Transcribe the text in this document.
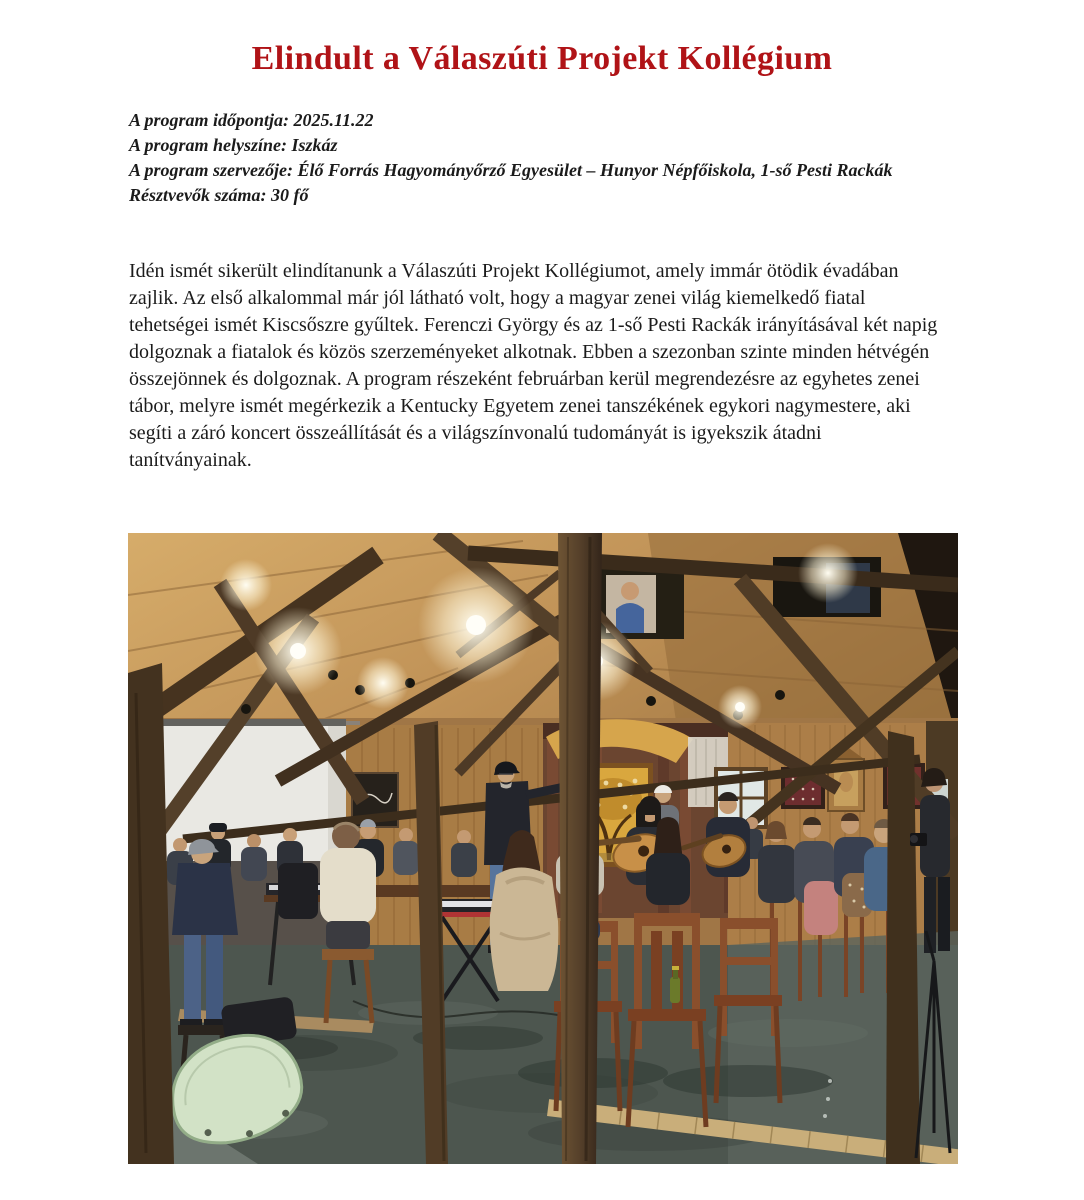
Elindult a Válaszúti Projekt Kollégium

A program időpontja: 2025.11.22

A program helyszíne: Iszkáz

A program szervezője: Élő Forrás Hagyományőrző Egyesület – Hunyor Népfőiskola, 1-ső Pesti Rackák

Résztvevők száma: 30 fő

Idén ismét sikerült elindítanunk a Válaszúti Projekt Kollégiumot, amely immár ötödik évadában zajlik. Az első alkalommal már jól látható volt, hogy a magyar zenei világ kiemelkedő fiatal tehetségei ismét Kiscsőszre gyűltek. Ferenczi György és az 1-ső Pesti Rackák irányításával két napig dolgoznak a fiatalok és közös szerzeményeket alkotnak. Ebben a szezonban szinte minden hétvégén összejönnek és dolgoznak. A program részeként februárban kerül megrendezésre az egyhetes zenei tábor, melyre ismét megérkezik a Kentucky Egyetem zenei tanszékének egykori nagymestere, aki segíti a záró koncert összeállítását és a világszínvonalú tudományát is igyekszik átadni tanítványainak.
